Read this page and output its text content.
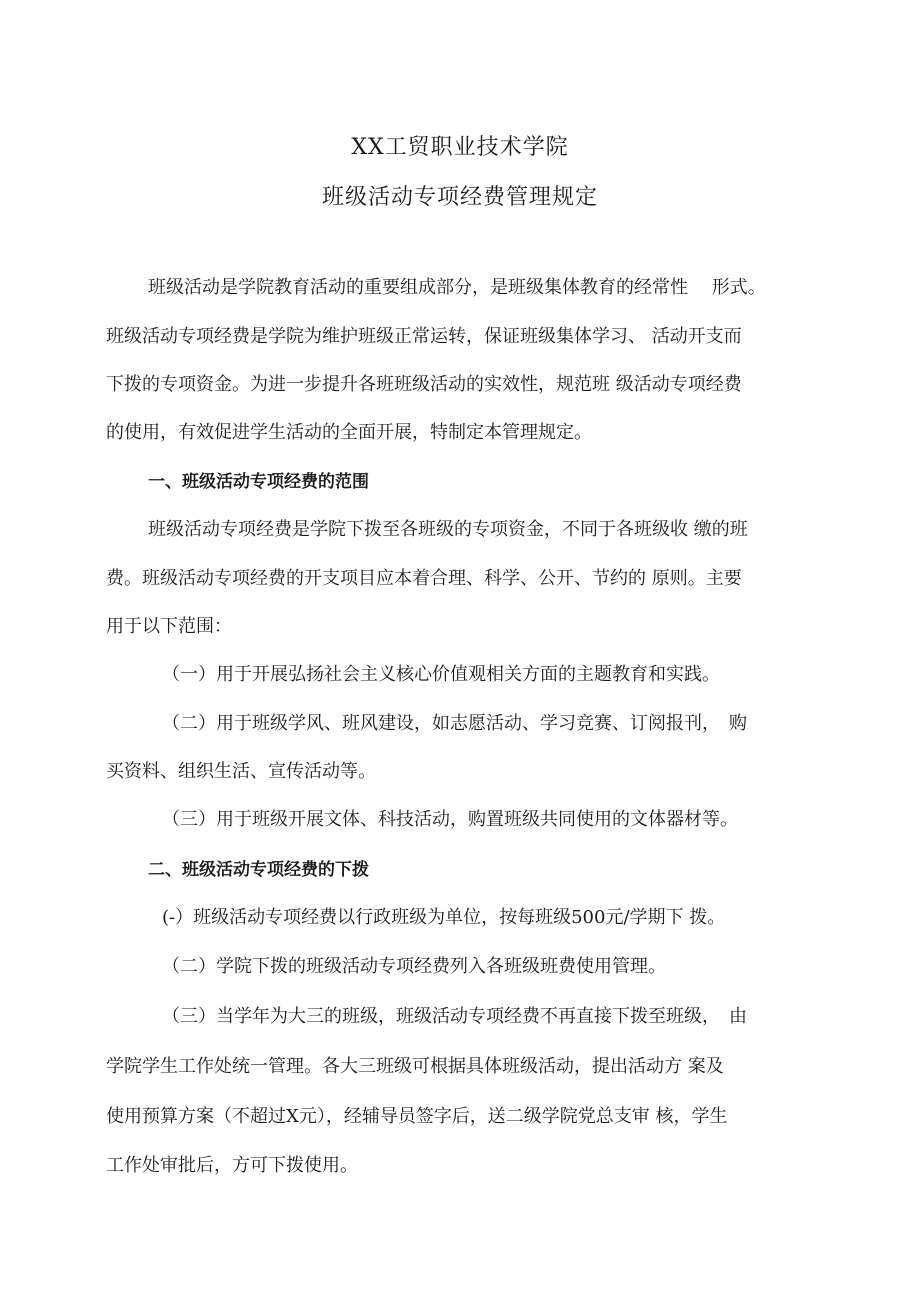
XX工贸职业技术学院
班级活动专项经费管理规定
班级活动是学院教育活动的重要组成部分，是班级集体教育的经常性　 形式。
班级活动专项经费是学院为维护班级正常运转，保证班级集体学习、 活动开支而
下拨的专项资金。为进一步提升各班班级活动的实效性，规范班 级活动专项经费
的使用，有效促进学生活动的全面开展，特制定本管理规定。
一、班级活动专项经费的范围
班级活动专项经费是学院下拨至各班级的专项资金，不同于各班级收 缴的班
费。班级活动专项经费的开支项目应本着合理、科学、公开、节约的 原则。主要
用于以下范围：
（一）用于开展弘扬社会主义核心价值观相关方面的主题教育和实践。
（二）用于班级学风、班风建设，如志愿活动、学习竞赛、订阅报刊，　购
买资料、组织生活、宣传活动等。
（三）用于班级开展文体、科技活动，购置班级共同使用的文体器材等。
二、班级活动专项经费的下拨
(-）班级活动专项经费以行政班级为单位，按每班级500元/学期下 拨。
（二）学院下拨的班级活动专项经费列入各班级班费使用管理。
（三）当学年为大三的班级，班级活动专项经费不再直接下拨至班级，　由
学院学生工作处统一管理。各大三班级可根据具体班级活动，提出活动方 案及
使用预算方案（不超过X元），经辅导员签字后，送二级学院党总支审 核，学生
工作处审批后，方可下拨使用。
